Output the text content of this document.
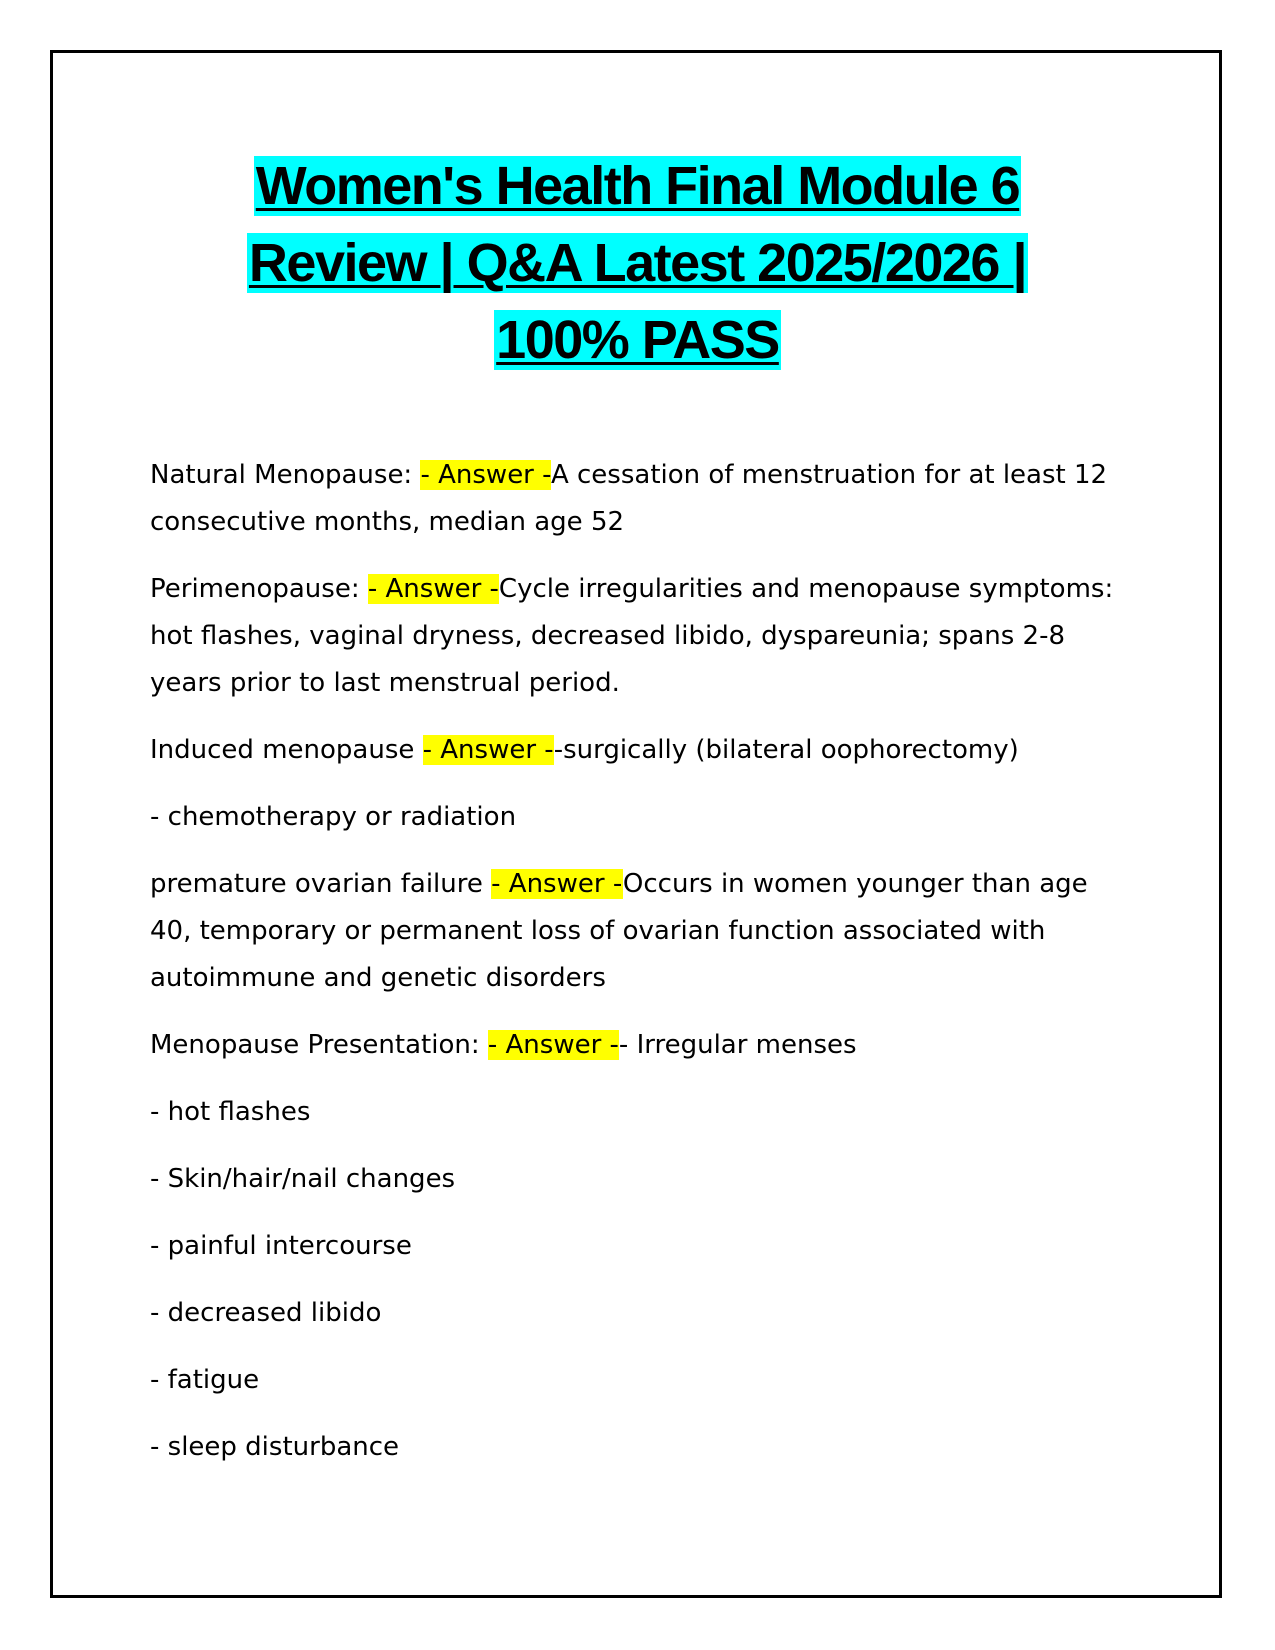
Women's Health Final Module 6
Review | Q&A Latest 2025/2026 |
100% PASS

Natural Menopause: - Answer -A cessation of menstruation for at least 12 consecutive months, median age 52

Perimenopause: - Answer -Cycle irregularities and menopause symptoms: hot flashes, vaginal dryness, decreased libido, dyspareunia; spans 2-8 years prior to last menstrual period.

Induced menopause - Answer --surgically (bilateral oophorectomy)

- chemotherapy or radiation

premature ovarian failure - Answer -Occurs in women younger than age 40, temporary or permanent loss of ovarian function associated with autoimmune and genetic disorders

Menopause Presentation: - Answer -- Irregular menses

- hot flashes

- Skin/hair/nail changes

- painful intercourse

- decreased libido

- fatigue

- sleep disturbance
